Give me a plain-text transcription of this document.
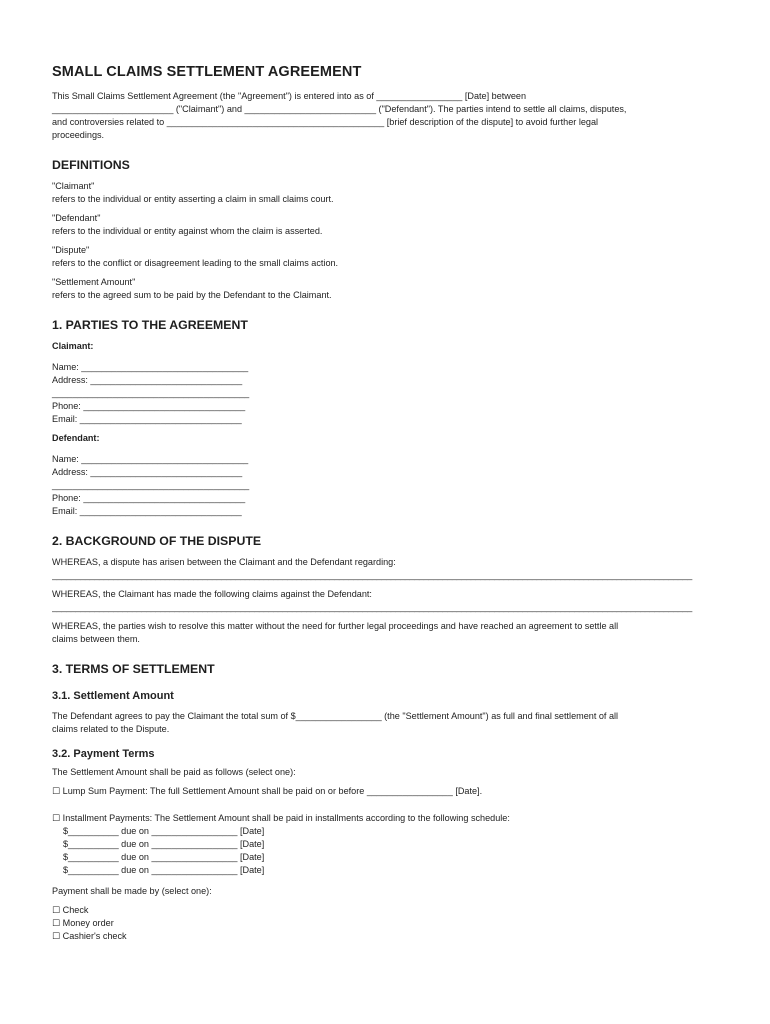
SMALL CLAIMS SETTLEMENT AGREEMENT

This Small Claims Settlement Agreement (the "Agreement") is entered into as of _________________ [Date] between

________________________ ("Claimant") and __________________________ ("Defendant"). The parties intend to settle all claims, disputes,

and controversies related to ___________________________________________ [brief description of the dispute] to avoid further legal

proceedings.

DEFINITIONS

"Claimant"

refers to the individual or entity asserting a claim in small claims court.

"Defendant"

refers to the individual or entity against whom the claim is asserted.

"Dispute"

refers to the conflict or disagreement leading to the small claims action.

"Settlement Amount"

refers to the agreed sum to be paid by the Defendant to the Claimant.

1. PARTIES TO THE AGREEMENT

Claimant:

Name: _________________________________

Address: ______________________________

_______________________________________

Phone: ________________________________

Email: ________________________________

Defendant:

Name: _________________________________

Address: ______________________________

_______________________________________

Phone: ________________________________

Email: ________________________________

2. BACKGROUND OF THE DISPUTE

WHEREAS, a dispute has arisen between the Claimant and the Defendant regarding:

________________________________________________________________________________________________________________________________________

WHEREAS, the Claimant has made the following claims against the Defendant:

________________________________________________________________________________________________________________________________________

WHEREAS, the parties wish to resolve this matter without the need for further legal proceedings and have reached an agreement to settle all

claims between them.

3. TERMS OF SETTLEMENT
3.1. Settlement Amount

The Defendant agrees to pay the Claimant the total sum of $_________________ (the "Settlement Amount") as full and final settlement of all

claims related to the Dispute.

3.2. Payment Terms

The Settlement Amount shall be paid as follows (select one):

☐ Lump Sum Payment: The full Settlement Amount shall be paid on or before _________________ [Date].

☐ Installment Payments: The Settlement Amount shall be paid in installments according to the following schedule:

$__________ due on _________________ [Date]

$__________ due on _________________ [Date]

$__________ due on _________________ [Date]

$__________ due on _________________ [Date]

Payment shall be made by (select one):

☐ Check

☐ Money order

☐ Cashier's check
